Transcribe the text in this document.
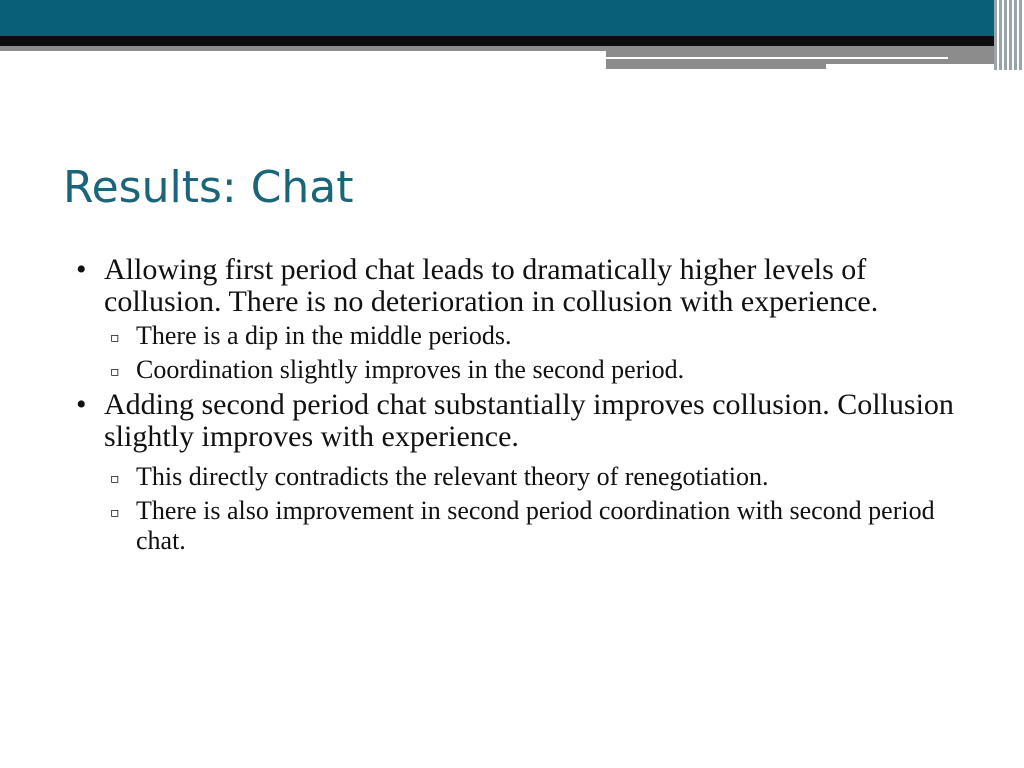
Results: Chat
• Allowing first period chat leads to dramatically higher levels of collusion. There is no deterioration in collusion with experience.
▫ There is a dip in the middle periods.
▫ Coordination slightly improves in the second period.
• Adding second period chat substantially improves collusion. Collusion slightly improves with experience.
▫ This directly contradicts the relevant theory of renegotiation.
▫ There is also improvement in second period coordination with second period chat.
